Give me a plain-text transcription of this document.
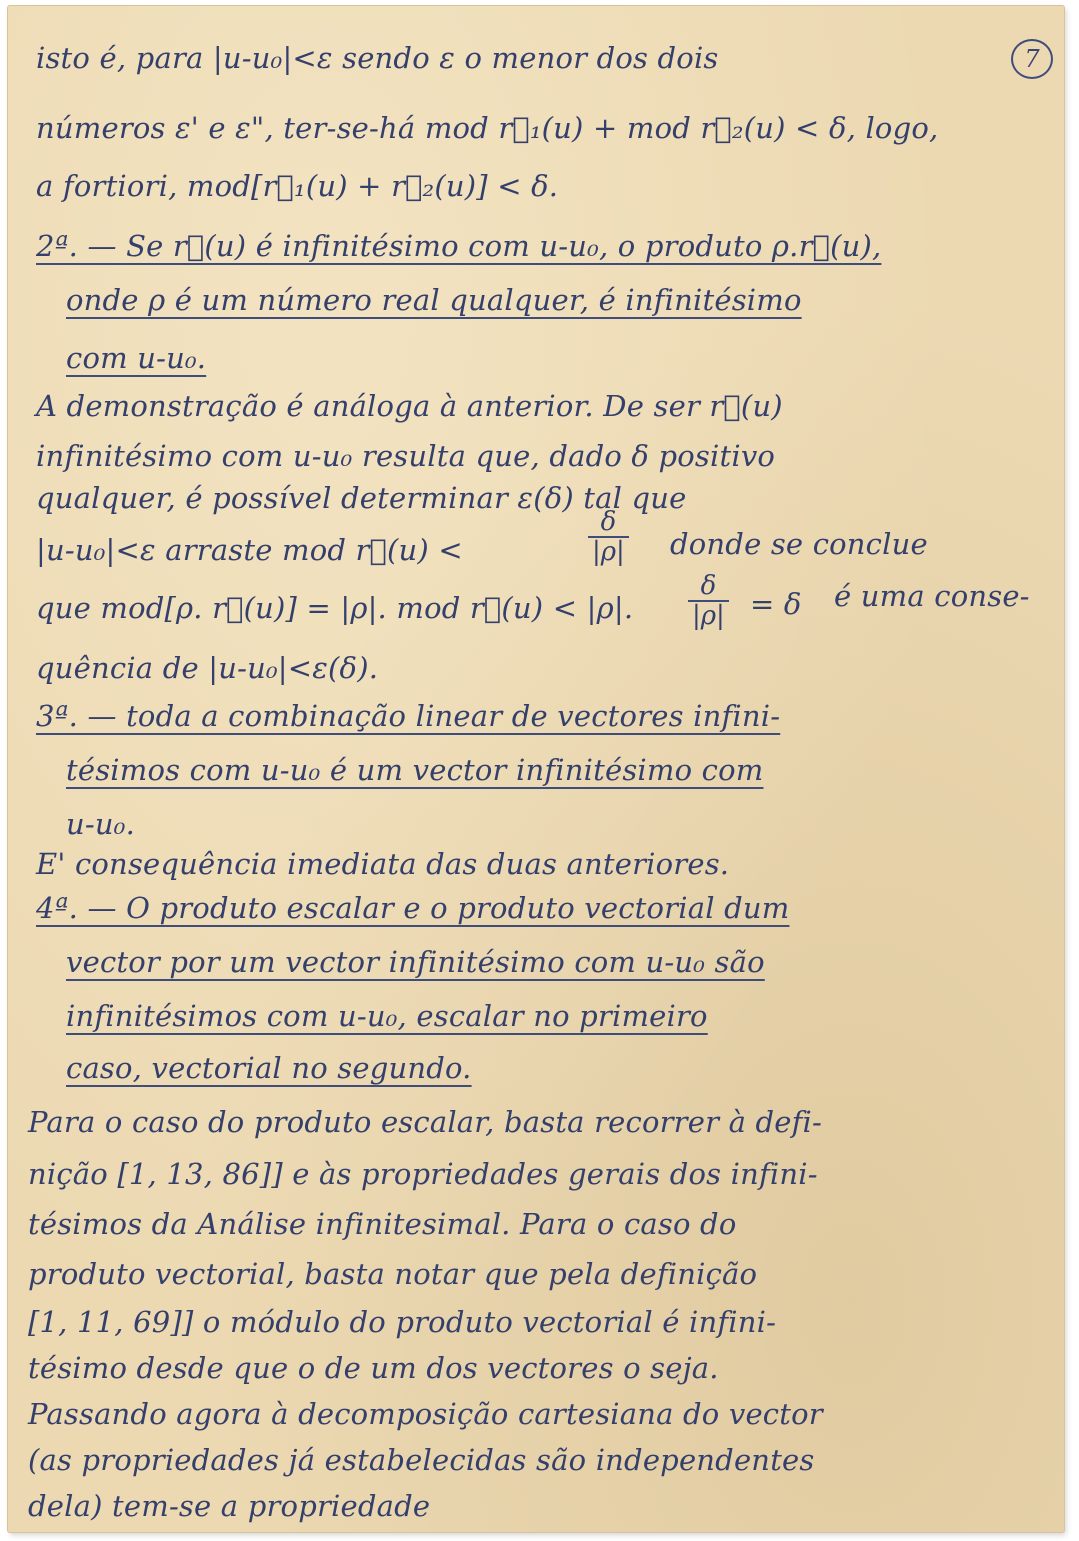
7
isto é, para |u-u₀|<ε sendo ε o menor dos dois
números ε' e ε", ter-se-há mod r⃗₁(u) + mod r⃗₂(u) < δ, logo,
a fortiori, mod[r⃗₁(u) + r⃗₂(u)] < δ.
2ª. — Se r⃗(u) é infinitésimo com u-u₀, o produto ρ.r⃗(u),
onde ρ é um número real qualquer, é infinitésimo
com u-u₀.
A demonstração é análoga à anterior. De ser r⃗(u)
infinitésimo com u-u₀ resulta que, dado δ positivo
qualquer, é possível determinar ε(δ) tal que
|u-u₀|<ε arraste mod r⃗(u) <	$\frac{\delta}{|\rho|}$ donde se conclue
que mod[ρ. r⃗(u)] = |ρ|. mod r⃗(u) < |ρ|. $\frac{\delta}{|\rho|} = \delta$ é uma conse-
quência de |u-u₀|<ε(δ).
3ª. — toda a combinação linear de vectores infini-
tésimos com u-u₀ é um vector infinitésimo com
u-u₀.
E' consequência imediata das duas anteriores.
4ª. — O produto escalar e o produto vectorial dum
vector por um vector infinitésimo com u-u₀ são
infinitésimos com u-u₀, escalar no primeiro
caso, vectorial no segundo.
Para o caso do produto escalar, basta recorrer à defi-
nição [1, 13, 86]] e às propriedades gerais dos infini-
tésimos da Análise infinitesimal. Para o caso do
produto vectorial, basta notar que pela definição
[1, 11, 69]] o módulo do produto vectorial é infini-
tésimo desde que o de um dos vectores o seja.
Passando agora à decomposição cartesiana do vector
(as propriedades já estabelecidas são independentes
dela) tem-se a propriedade
